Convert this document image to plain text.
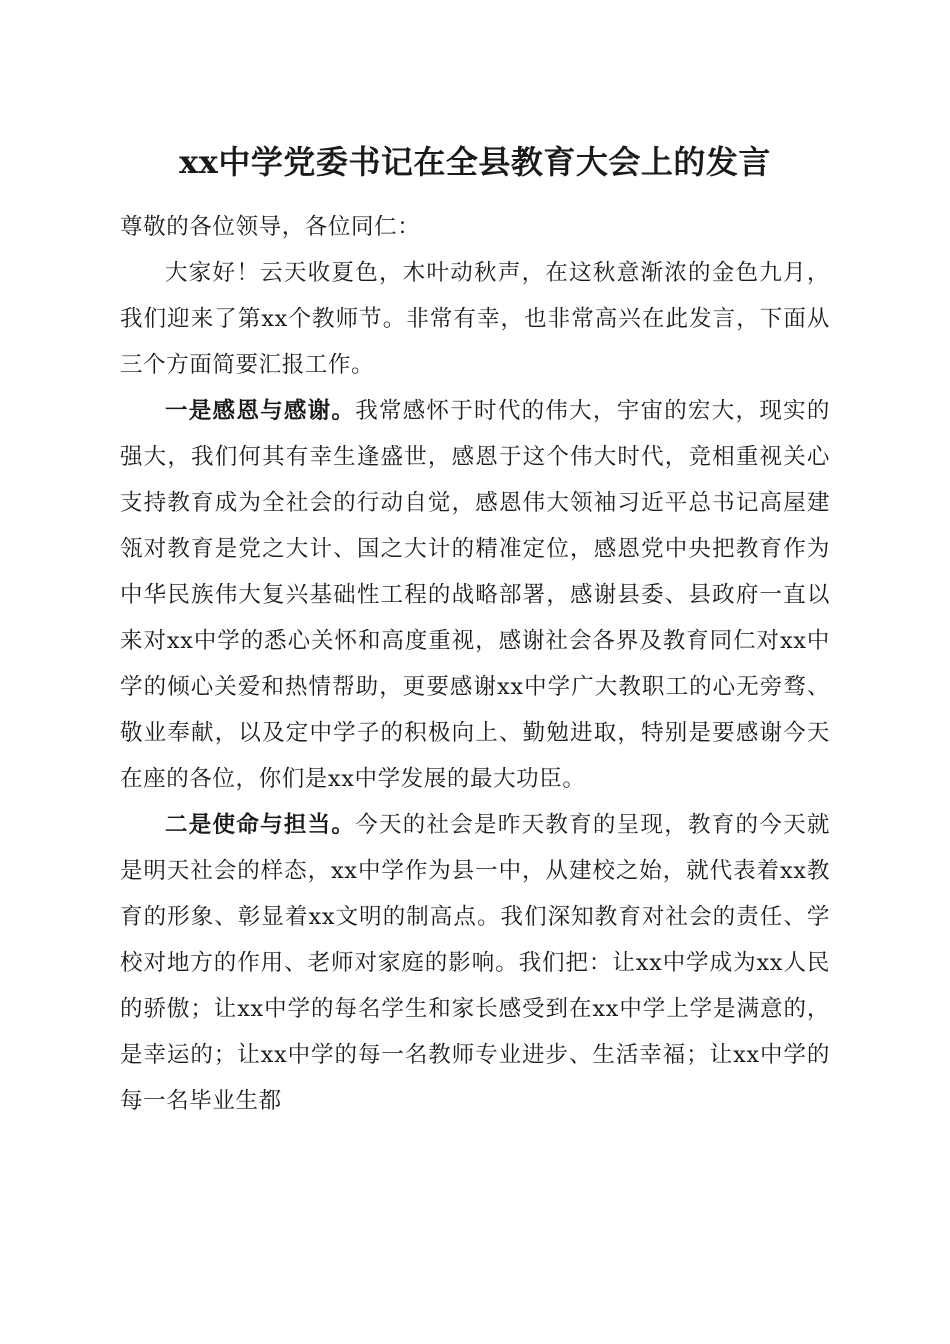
xx中学党委书记在全县教育大会上的发言

尊敬的各位领导，各位同仁：

大家好！云天收夏色，木叶动秋声，在这秋意渐浓的金色九月，我们迎来了第xx个教师节。非常有幸，也非常高兴在此发言，下面从三个方面简要汇报工作。

一是感恩与感谢。我常感怀于时代的伟大，宇宙的宏大，现实的强大，我们何其有幸生逢盛世，感恩于这个伟大时代，竞相重视关心支持教育成为全社会的行动自觉，感恩伟大领袖习近平总书记高屋建瓴对教育是党之大计、国之大计的精准定位，感恩党中央把教育作为中华民族伟大复兴基础性工程的战略部署，感谢县委、县政府一直以来对xx中学的悉心关怀和高度重视，感谢社会各界及教育同仁对xx中学的倾心关爱和热情帮助，更要感谢xx中学广大教职工的心无旁骛、敬业奉献，以及定中学子的积极向上、勤勉进取，特别是要感谢今天在座的各位，你们是xx中学发展的最大功臣。

二是使命与担当。今天的社会是昨天教育的呈现，教育的今天就是明天社会的样态，xx中学作为县一中，从建校之始，就代表着xx教育的形象、彰显着xx文明的制高点。我们深知教育对社会的责任、学校对地方的作用、老师对家庭的影响。我们把：让xx中学成为xx人民的骄傲；让xx中学的每名学生和家长感受到在xx中学上学是满意的，是幸运的；让xx中学的每一名教师专业进步、生活幸福；让xx中学的每一名毕业生都
